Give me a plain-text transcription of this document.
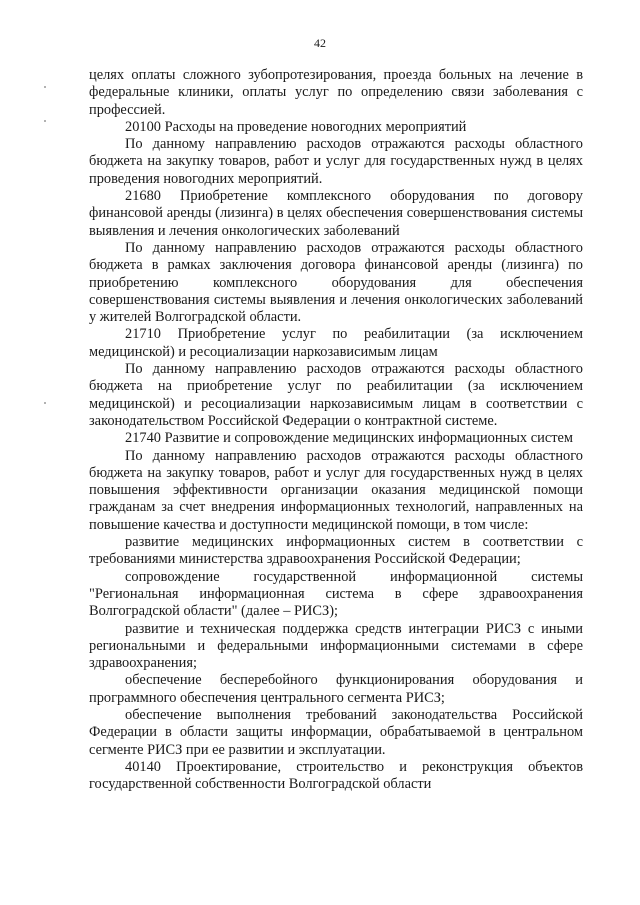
42

целях оплаты сложного зубопротезирования, проезда больных на лечение в федеральные клиники, оплаты услуг по определению связи заболевания с профессией.

20100 Расходы на проведение новогодних мероприятий

По данному направлению расходов отражаются расходы областного бюджета на закупку товаров, работ и услуг для государственных нужд в целях проведения новогодних мероприятий.

21680 Приобретение комплексного оборудования по договору финансовой аренды (лизинга) в целях обеспечения совершенствования системы выявления и лечения онкологических заболеваний

По данному направлению расходов отражаются расходы областного бюджета в рамках заключения договора финансовой аренды (лизинга) по приобретению комплексного оборудования для обеспечения совершенствования системы выявления и лечения онкологических заболеваний у жителей Волгоградской области.

21710 Приобретение услуг по реабилитации (за исключением медицинской) и ресоциализации наркозависимым лицам

По данному направлению расходов отражаются расходы областного бюджета на приобретение услуг по реабилитации (за исключением медицинской) и ресоциализации наркозависимым лицам в соответствии с законодательством Российской Федерации о контрактной системе.

21740 Развитие и сопровождение медицинских информационных систем

По данному направлению расходов отражаются расходы областного бюджета на закупку товаров, работ и услуг для государственных нужд в целях повышения эффективности организации оказания медицинской помощи гражданам за счет внедрения информационных технологий, направленных на повышение качества и доступности медицинской помощи, в том числе:

развитие медицинских информационных систем в соответствии с требованиями министерства здравоохранения Российской Федерации;

сопровождение государственной информационной системы "Региональная информационная система в сфере здравоохранения Волгоградской области" (далее – РИСЗ);

развитие и техническая поддержка средств интеграции РИСЗ с иными региональными и федеральными информационными системами в сфере здравоохранения;

обеспечение бесперебойного функционирования оборудования и программного обеспечения центрального сегмента РИСЗ;

обеспечение выполнения требований законодательства Российской Федерации в области защиты информации, обрабатываемой в центральном сегменте РИСЗ при ее развитии и эксплуатации.

40140 Проектирование, строительство и реконструкция объектов государственной собственности Волгоградской области
